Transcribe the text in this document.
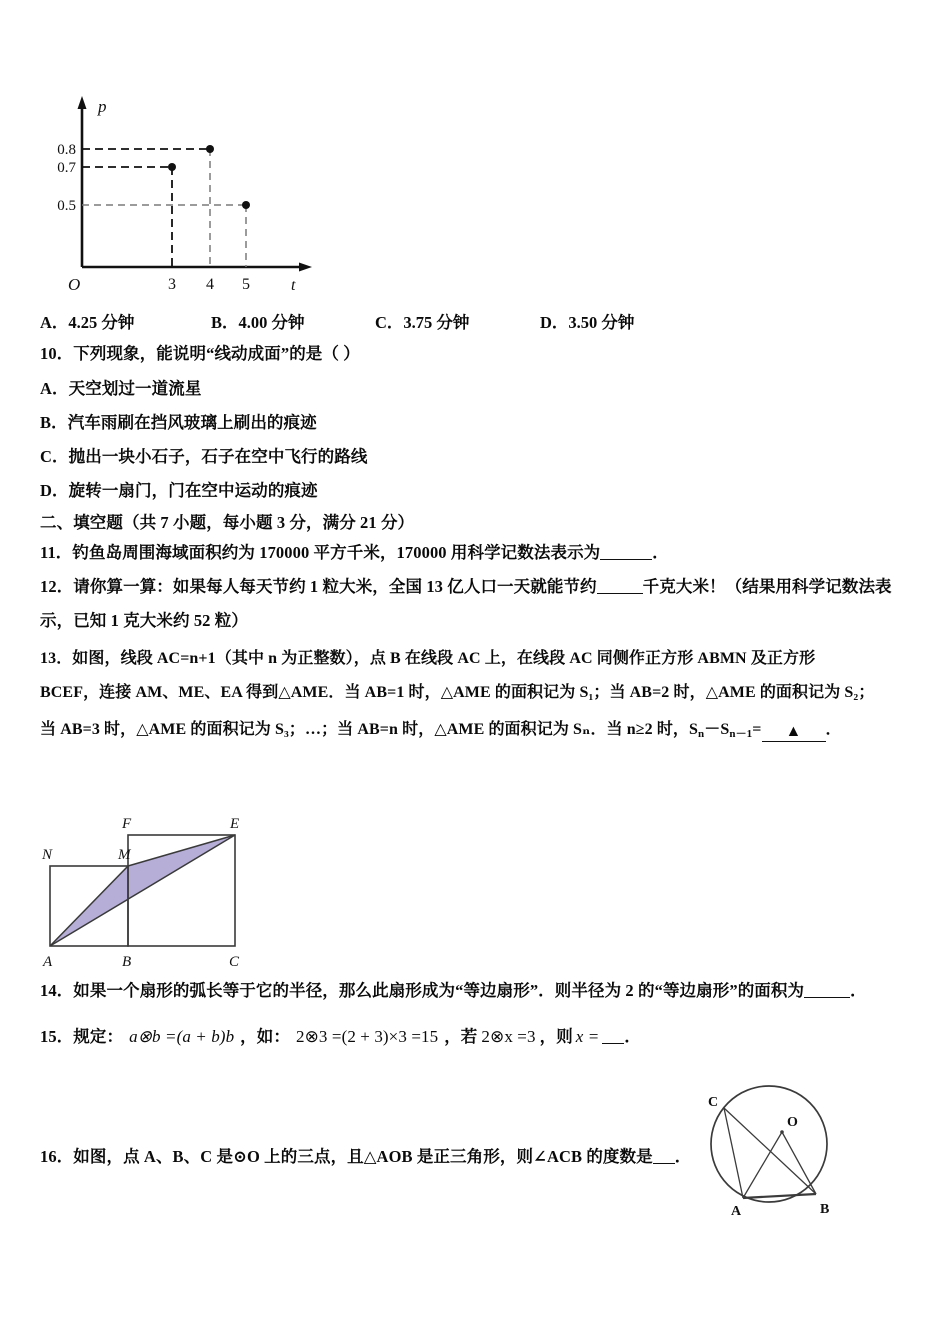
0.8
0.7
0.5
3 4 5
p
t
O
A．4.25 分钟	B．4.00 分钟	C．3.75 分钟	D．3.50 分钟
10．下列现象，能说明“线动成面”的是（ ）
A．天空划过一道流星
B．汽车雨刷在挡风玻璃上刷出的痕迹
C．抛出一块小石子，石子在空中飞行的路线
D．旋转一扇门，门在空中运动的痕迹
二、填空题（共 7 小题，每小题 3 分，满分 21 分）
11．钓鱼岛周围海域面积约为 170000 平方千米，170000 用科学记数法表示为	．
12．请你算一算：如果每人每天节约 1 粒大米，全国 13 亿人口一天就能节约	千克大米！（结果用科学记数法表
示，已知 1 克大米约 52 粒）
13．如图，线段 AC=n+1（其中 n 为正整数），点 B 在线段 AC 上，在线段 AC 同侧作正方形 ABMN 及正方形
BCEF，连接 AM、ME、EA 得到△AME．当 AB=1 时，△AME 的面积记为 S₁；当 AB=2 时，△AME 的面积记为 S₂；
当 AB=3 时，△AME 的面积记为 S₃；…；当 AB=n 时，△AME 的面积记为 Sₙ．当 n≥2 时，$S_n-S_{n-1}=$ ▲ ．
A	B	C
N	M
F	E
14．如果一个扇形的弧长等于它的半径，那么此扇形成为“等边扇形”．则半径为 2 的“等边扇形”的面积为	．
15．规定： a⊗b =(a + b)b ，如： 2⊗3 =(2 + 3)×3 =15 ，若 2⊗x =3 ，则 x = ．
C
A	B
O
16．如图，点 A、B、C 是⊙O 上的三点，且△AOB 是正三角形，则∠ACB 的度数是 ．
